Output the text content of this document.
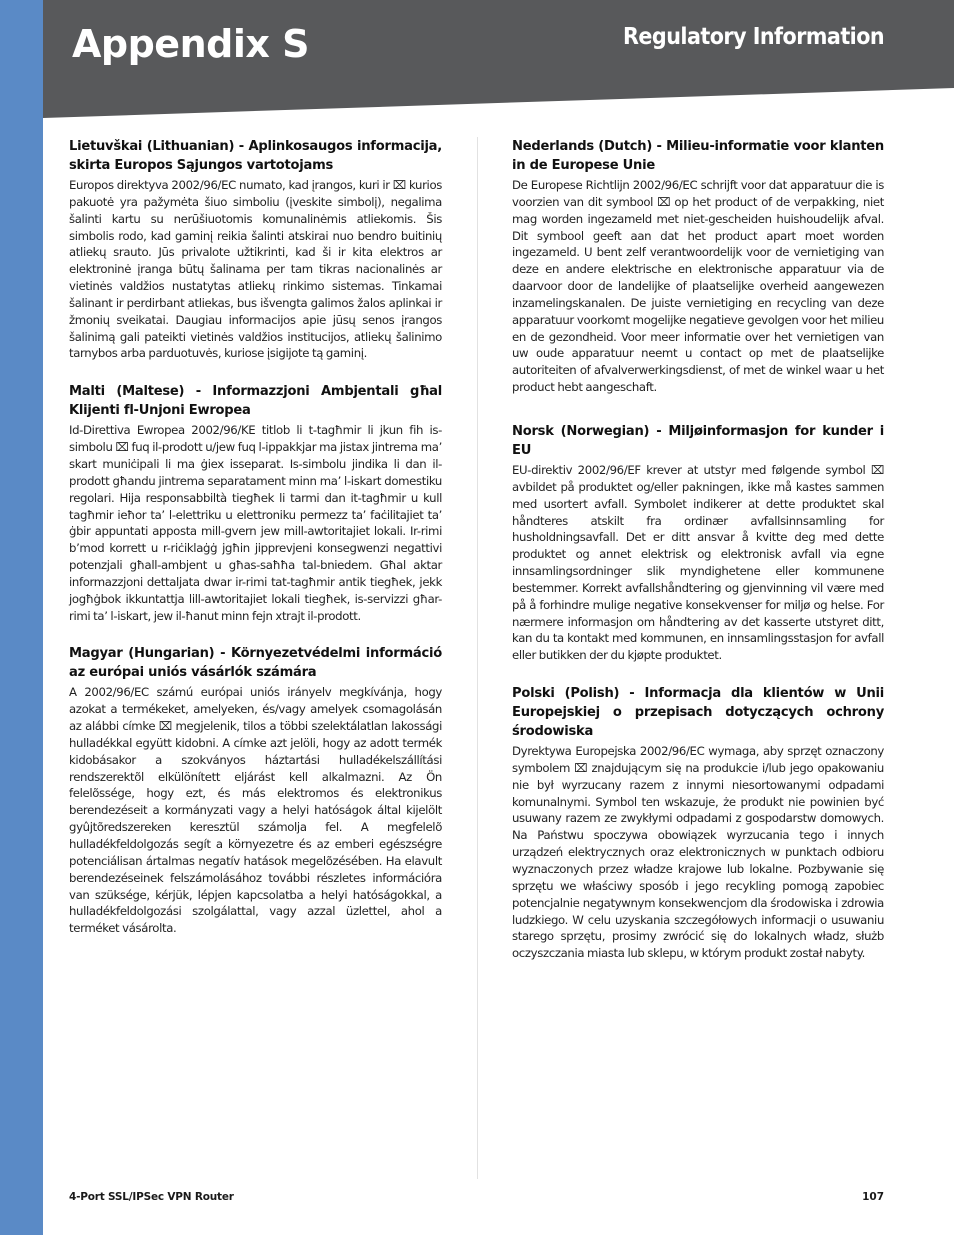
Appendix S	Regulatory Information
Lietuvškai (Lithuanian) - Aplinkosaugos informacija, skirta Europos Sąjungos vartotojams

Europos direktyva 2002/96/EC numato, kad įrangos, kuri ir ⌧ kurios pakuotė yra pažymėta šiuo simboliu (įveskite simbolį), negalima šalinti kartu su nerūšiuotomis komunalinėmis atliekomis. Šis simbolis rodo, kad gaminį reikia šalinti atskirai nuo bendro buitinių atliekų srauto. Jūs privalote užtikrinti, kad ši ir kita elektros ar elektroninė įranga būtų šalinama per tam tikras nacionalinės ar vietinės valdžios nustatytas atliekų rinkimo sistemas. Tinkamai šalinant ir perdirbant atliekas, bus išvengta galimos žalos aplinkai ir žmonių sveikatai. Daugiau informacijos apie jūsų senos įrangos šalinimą gali pateikti vietinės valdžios institucijos, atliekų šalinimo tarnybos arba parduotuvės, kuriose įsigijote tą gaminį.

Malti (Maltese) - Informazzjoni Ambjentali għal Klijenti fl-Unjoni Ewropea

Id-Direttiva Ewropea 2002/96/KE titlob li t-tagħmir li jkun fih is-simbolu ⌧ fuq il-prodott u/jew fuq l-ippakkjar ma jistax jintrema ma’ skart muniċipali li ma ġiex isseparat. Is-simbolu jindika li dan il-prodott għandu jintrema separatament minn ma’ l-iskart domestiku regolari. Hija responsabbiltà tiegħek li tarmi dan it-tagħmir u kull tagħmir ieħor ta’ l-elettriku u elettroniku permezz ta’ faċilitajiet ta’ ġbir appuntati apposta mill-gvern jew mill-awtoritajiet lokali. Ir-rimi b’mod korrett u r-riċiklaġġ jgħin jipprevjeni konsegwenzi negattivi potenzjali għall-ambjent u għas-saħħa tal-bniedem. Għal aktar informazzjoni dettaljata dwar ir-rimi tat-tagħmir antik tiegħek, jekk jogħġbok ikkuntattja lill-awtoritajiet lokali tiegħek, is-servizzi għar-rimi ta’ l-iskart, jew il-ħanut minn fejn xtrajt il-prodott.

Magyar (Hungarian) - Környezetvédelmi információ az európai uniós vásárlók számára

A 2002/96/EC számú európai uniós irányelv megkívánja, hogy azokat a termékeket, amelyeken, és/vagy amelyek csomagolásán az alábbi címke ⌧ megjelenik, tilos a többi szelektálatlan lakossági hulladékkal együtt kidobni. A címke azt jelöli, hogy az adott termék kidobásakor a szokványos háztartási hulladékelszállítási rendszerektõl elkülönített eljárást kell alkalmazni. Az Ön felelõssége, hogy ezt, és más elektromos és elektronikus berendezéseit a kormányzati vagy a helyi hatóságok által kijelölt gyûjtõredszereken keresztül számolja fel. A megfelelõ hulladékfeldolgozás segít a környezetre és az emberi egészségre potenciálisan ártalmas negatív hatások megelõzésében. Ha elavult berendezéseinek felszámolásához további részletes információra van szüksége, kérjük, lépjen kapcsolatba a helyi hatóságokkal, a hulladékfeldolgozási szolgálattal, vagy azzal üzlettel, ahol a terméket vásárolta.

Nederlands (Dutch) - Milieu-informatie voor klanten in de Europese Unie

De Europese Richtlijn 2002/96/EC schrijft voor dat apparatuur die is voorzien van dit symbool ⌧ op het product of de verpakking, niet mag worden ingezameld met niet-gescheiden huishoudelijk afval. Dit symbool geeft aan dat het product apart moet worden ingezameld. U bent zelf verantwoordelijk voor de vernietiging van deze en andere elektrische en elektronische apparatuur via de daarvoor door de landelijke of plaatselijke overheid aangewezen inzamelingskanalen. De juiste vernietiging en recycling van deze apparatuur voorkomt mogelijke negatieve gevolgen voor het milieu en de gezondheid. Voor meer informatie over het vernietigen van uw oude apparatuur neemt u contact op met de plaatselijke autoriteiten of afvalverwerkingsdienst, of met de winkel waar u het product hebt aangeschaft.

Norsk (Norwegian) - Miljøinformasjon for kunder i EU

EU-direktiv 2002/96/EF krever at utstyr med følgende symbol ⌧ avbildet på produktet og/eller pakningen, ikke må kastes sammen med usortert avfall. Symbolet indikerer at dette produktet skal håndteres atskilt fra ordinær avfallsinnsamling for husholdningsavfall. Det er ditt ansvar å kvitte deg med dette produktet og annet elektrisk og elektronisk avfall via egne innsamlingsordninger slik myndighetene eller kommunene bestemmer. Korrekt avfallshåndtering og gjenvinning vil være med på å forhindre mulige negative konsekvenser for miljø og helse. For nærmere informasjon om håndtering av det kasserte utstyret ditt, kan du ta kontakt med kommunen, en innsamlingsstasjon for avfall eller butikken der du kjøpte produktet.

Polski (Polish) - Informacja dla klientów w Unii Europejskiej o przepisach dotyczących ochrony środowiska

Dyrektywa Europejska 2002/96/EC wymaga, aby sprzęt oznaczony symbolem ⌧ znajdującym się na produkcie i/lub jego opakowaniu nie był wyrzucany razem z innymi niesortowanymi odpadami komunalnymi. Symbol ten wskazuje, że produkt nie powinien być usuwany razem ze zwykłymi odpadami z gospodarstw domowych. Na Państwu spoczywa obowiązek wyrzucania tego i innych urządzeń elektrycznych oraz elektronicznych w punktach odbioru wyznaczonych przez władze krajowe lub lokalne. Pozbywanie się sprzętu we właściwy sposób i jego recykling pomogą zapobiec potencjalnie negatywnym konsekwencjom dla środowiska i zdrowia ludzkiego. W celu uzyskania szczegółowych informacji o usuwaniu starego sprzętu, prosimy zwrócić się do lokalnych władz, służb oczyszczania miasta lub sklepu, w którym produkt został nabyty.

4-Port SSL/IPSec VPN Router	107
